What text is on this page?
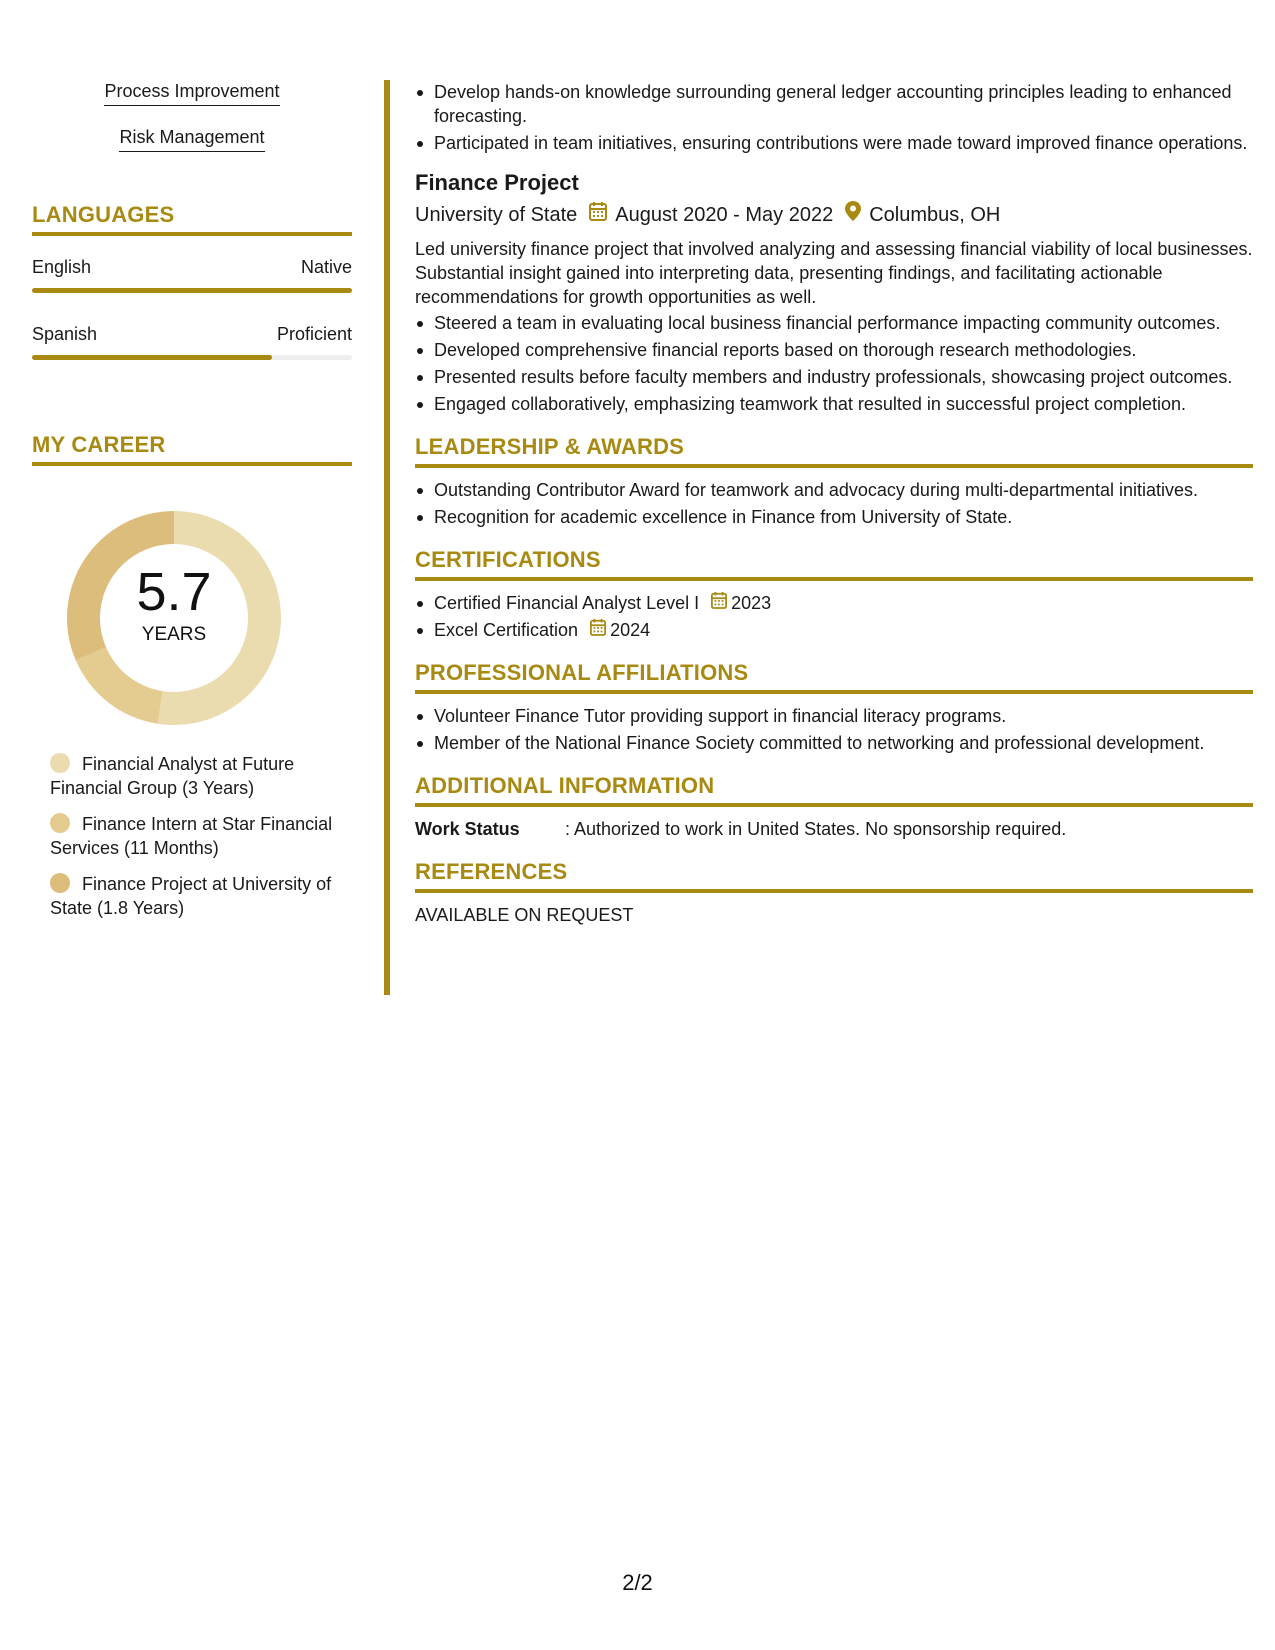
Process Improvement
Risk Management
LANGUAGES
English	Native
Spanish	Proficient
MY CAREER
5.7
YEARS
Financial Analyst at Future Financial Group (3 Years)
Finance Intern at Star Financial Services (11 Months)
Finance Project at University of State (1.8 Years)
Develop hands-on knowledge surrounding general ledger accounting principles leading to enhanced forecasting.
Participated in team initiatives, ensuring contributions were made toward improved finance operations.
Finance Project
University of State August 2020 - May 2022 Columbus, OH
Led university finance project that involved analyzing and assessing financial viability of local businesses. Substantial insight gained into interpreting data, presenting findings, and facilitating actionable recommendations for growth opportunities as well.
Steered a team in evaluating local business financial performance impacting community outcomes.
Developed comprehensive financial reports based on thorough research methodologies.
Presented results before faculty members and industry professionals, showcasing project outcomes.
Engaged collaboratively, emphasizing teamwork that resulted in successful project completion.
LEADERSHIP & AWARDS
Outstanding Contributor Award for teamwork and advocacy during multi-departmental initiatives.
Recognition for academic excellence in Finance from University of State.
CERTIFICATIONS
Certified Financial Analyst Level I 2023
Excel Certification 2024
PROFESSIONAL AFFILIATIONS
Volunteer Finance Tutor providing support in financial literacy programs.
Member of the National Finance Society committed to networking and professional development.
ADDITIONAL INFORMATION
Work Status	: Authorized to work in United States. No sponsorship required.
REFERENCES
AVAILABLE ON REQUEST
2/2
